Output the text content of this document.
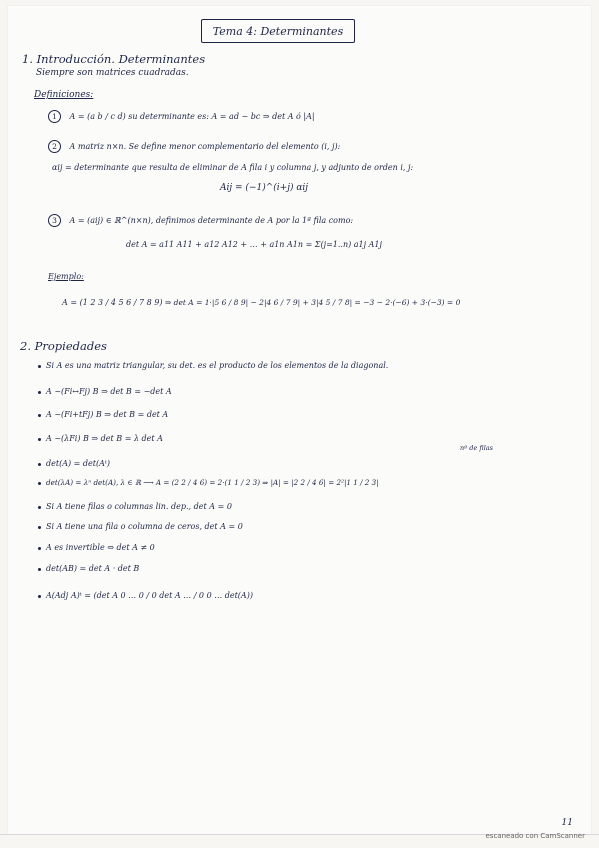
Tema 4: Determinantes
1. Introducción. Determinantes
Siempre son matrices cuadradas.
Definiciones:
1 A = (a b / c d) su determinante es: A = ad − bc ⇒ det A ó |A|
2 A matriz n×n. Se define menor complementario del elemento (i, j):
αij = determinante que resulta de eliminar de A fila i y columna j, y adjunto de orden i, j:
Aij = (−1)^(i+j) αij
3 A = (aij) ∈ ℝ^(n×n), definimos determinante de A por la 1ª fila como:
det A = a11 A11 + a12 A12 + … + a1n A1n = Σ(j=1..n) a1j A1j
Ejemplo:
A = (1 2 3 / 4 5 6 / 7 8 9) ⇒ det A = 1·|5 6 / 8 9| − 2|4 6 / 7 9| + 3|4 5 / 7 8| = −3 − 2·(−6) + 3·(−3) = 0
2. Propiedades
Si A es una matriz triangular, su det. es el producto de los elementos de la diagonal.
A ~(Fi↔Fj) B ⇒ det B = −det A
A ~(Fi+tFj) B ⇒ det B = det A
A ~(λFi) B ⇒ det B = λ det A
det(A) = det(Aᵗ)
nº de filas
det(λA) = λⁿ det(A), λ ∈ ℝ ⟶ A = (2 2 / 4 6) = 2·(1 1 / 2 3) ⇒ |A| = |2 2 / 4 6| = 2²|1 1 / 2 3|
Si A tiene filas o columnas lin. dep., det A = 0
Si A tiene una fila o columna de ceros, det A = 0
A es invertible ⇔ det A ≠ 0
det(AB) = det A · det B
A(Adj A)ᵗ = (det A 0 … 0 / 0 det A … / 0 0 … det(A))
11
escaneado con CamScanner
